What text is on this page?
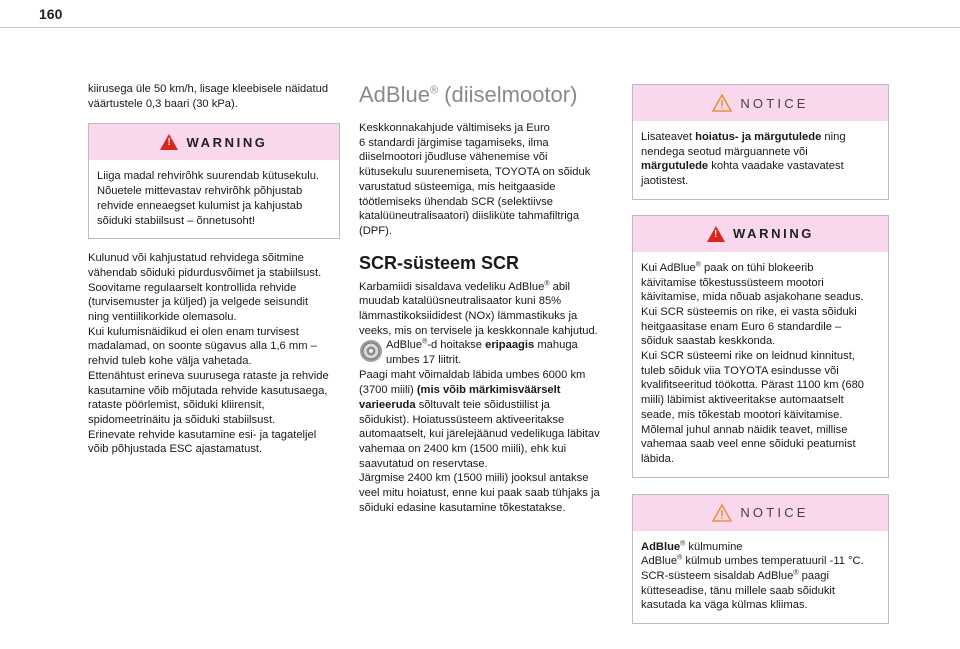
160

kiirusega üle 50 km/h, lisage kleebisele näidatud
väärtustele 0,3 baari (30 kPa).

!
WARNING
Liiga madal rehvirõhk suurendab kütusekulu.
Nõuetele mittevastav rehvirõhk põhjustab
rehvide enneaegset kulumist ja kahjustab
sõiduki stabiilsust – õnnetusoht!

Kulunud või kahjustatud rehvidega sõitmine
vähendab sõiduki pidurdusvõimet ja stabiilsust.
Soovitame regulaarselt kontrollida rehvide
(turvisemuster ja küljed) ja velgede seisundit
ning ventiilikorkide olemasolu.
Kui kulumisnäidikud ei olen enam turvisest
madalamad, on soonte sügavus alla 1,6 mm –
rehvid tuleb kohe välja vahetada.
Ettenähtust erineva suurusega rataste ja rehvide
kasutamine võib mõjutada rehvide kasutusaega,
rataste pöörlemist, sõiduki kliirensit,
spidomeetrinäitu ja sõiduki stabiilsust.
Erinevate rehvide kasutamine esi- ja tagateljel
võib põhjustada ESC ajastamatust.

AdBlue® (diiselmootor)

Keskkonnakahjude vältimiseks ja Euro
6 standardi järgimise tagamiseks, ilma
diiselmootori jõudluse vähenemise või
kütusekulu suurenemiseta, TOYOTA on sõiduk
varustatud süsteemiga, mis heitgaaside
töötlemiseks ühendab SCR (selektiivse
katalüüneutralisaatori) diisliküte tahmafiltriga
(DPF).

SCR-süsteem SCR

Karbamiidi sisaldava vedeliku AdBlue® abil
muudab katalüüsneutralisaator kuni 85%
lämmastikoksiididest (NOx) lämmastikuks ja
veeks, mis on tervisele ja keskkonnale kahjutud.

AdBlue®-d hoitakse eripaagis mahuga
umbes 17 liitrit.

Paagi maht võimaldab läbida umbes 6000 km
(3700 miili) (mis võib märkimisväärselt
varieeruda sõltuvalt teie sõidustiilist ja
sõidukist). Hoiatussüsteem aktiveeritakse
automaatselt, kui järelejäänud vedelikuga läbitav
vahemaa on 2400 km (1500 miili), ehk kui
saavutatud on reservtase.
Järgmise 2400 km (1500 miili) jooksul antakse
veel mitu hoiatust, enne kui paak saab tühjaks ja
sõiduki edasine kasutamine tõkestatakse.

NOTICE
Lisateavet hoiatus- ja märgutulede ning
nendega seotud märguannete või
märgutulede kohta vaadake vastavatest
jaotistest.
!
WARNING
Kui AdBlue® paak on tühi blokeerib
käivitamise tõkestussüsteem mootori
käivitamise, mida nõuab asjakohane seadus.
Kui SCR süsteemis on rike, ei vasta sõiduki
heitgaasitase enam Euro 6 standardile –
sõiduk saastab keskkonda.
Kui SCR süsteemi rike on leidnud kinnitust,
tuleb sõiduk viia TOYOTA esindusse või
kvalifitseeritud töökotta. Pärast 1100 km (680
miili) läbimist aktiveeritakse automaatselt
seade, mis tõkestab mootori käivitamise.
Mõlemal juhul annab näidik teavet, millise
vahemaa saab veel enne sõiduki peatumist
läbida.
NOTICE
AdBlue® külmumine
AdBlue® külmub umbes temperatuuril -11 °C.
SCR-süsteem sisaldab AdBlue® paagi
kütteseadise, tänu millele saab sõidukit
kasutada ka väga külmas kliimas.
